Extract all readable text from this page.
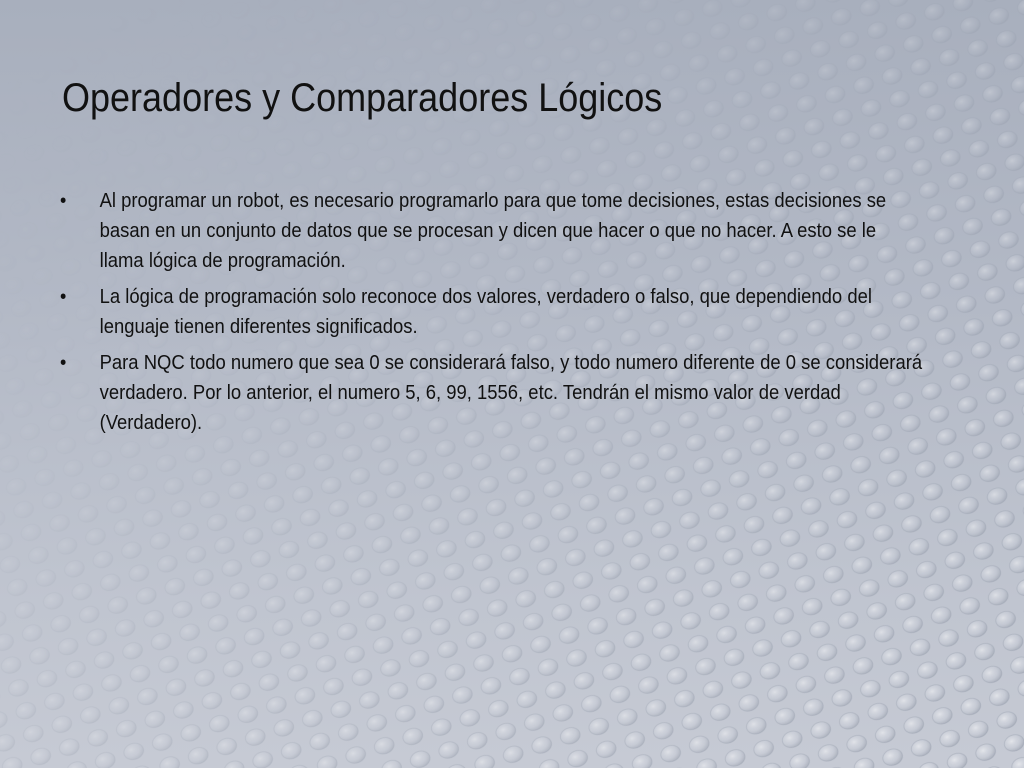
Operadores y Comparadores Lógicos
•	Al programar un robot, es necesario programarlo para que tome decisiones, estas decisiones se basan en un conjunto de datos que se procesan y dicen que hacer o que no hacer. A esto se le llama lógica de programación.
•	La lógica de programación solo reconoce dos valores, verdadero o falso, que dependiendo del lenguaje tienen diferentes significados.
•	Para NQC todo numero que sea 0 se considerará falso, y todo numero diferente de 0 se considerará verdadero. Por lo anterior, el numero 5, 6, 99, 1556, etc. Tendrán el mismo valor de verdad (Verdadero).
